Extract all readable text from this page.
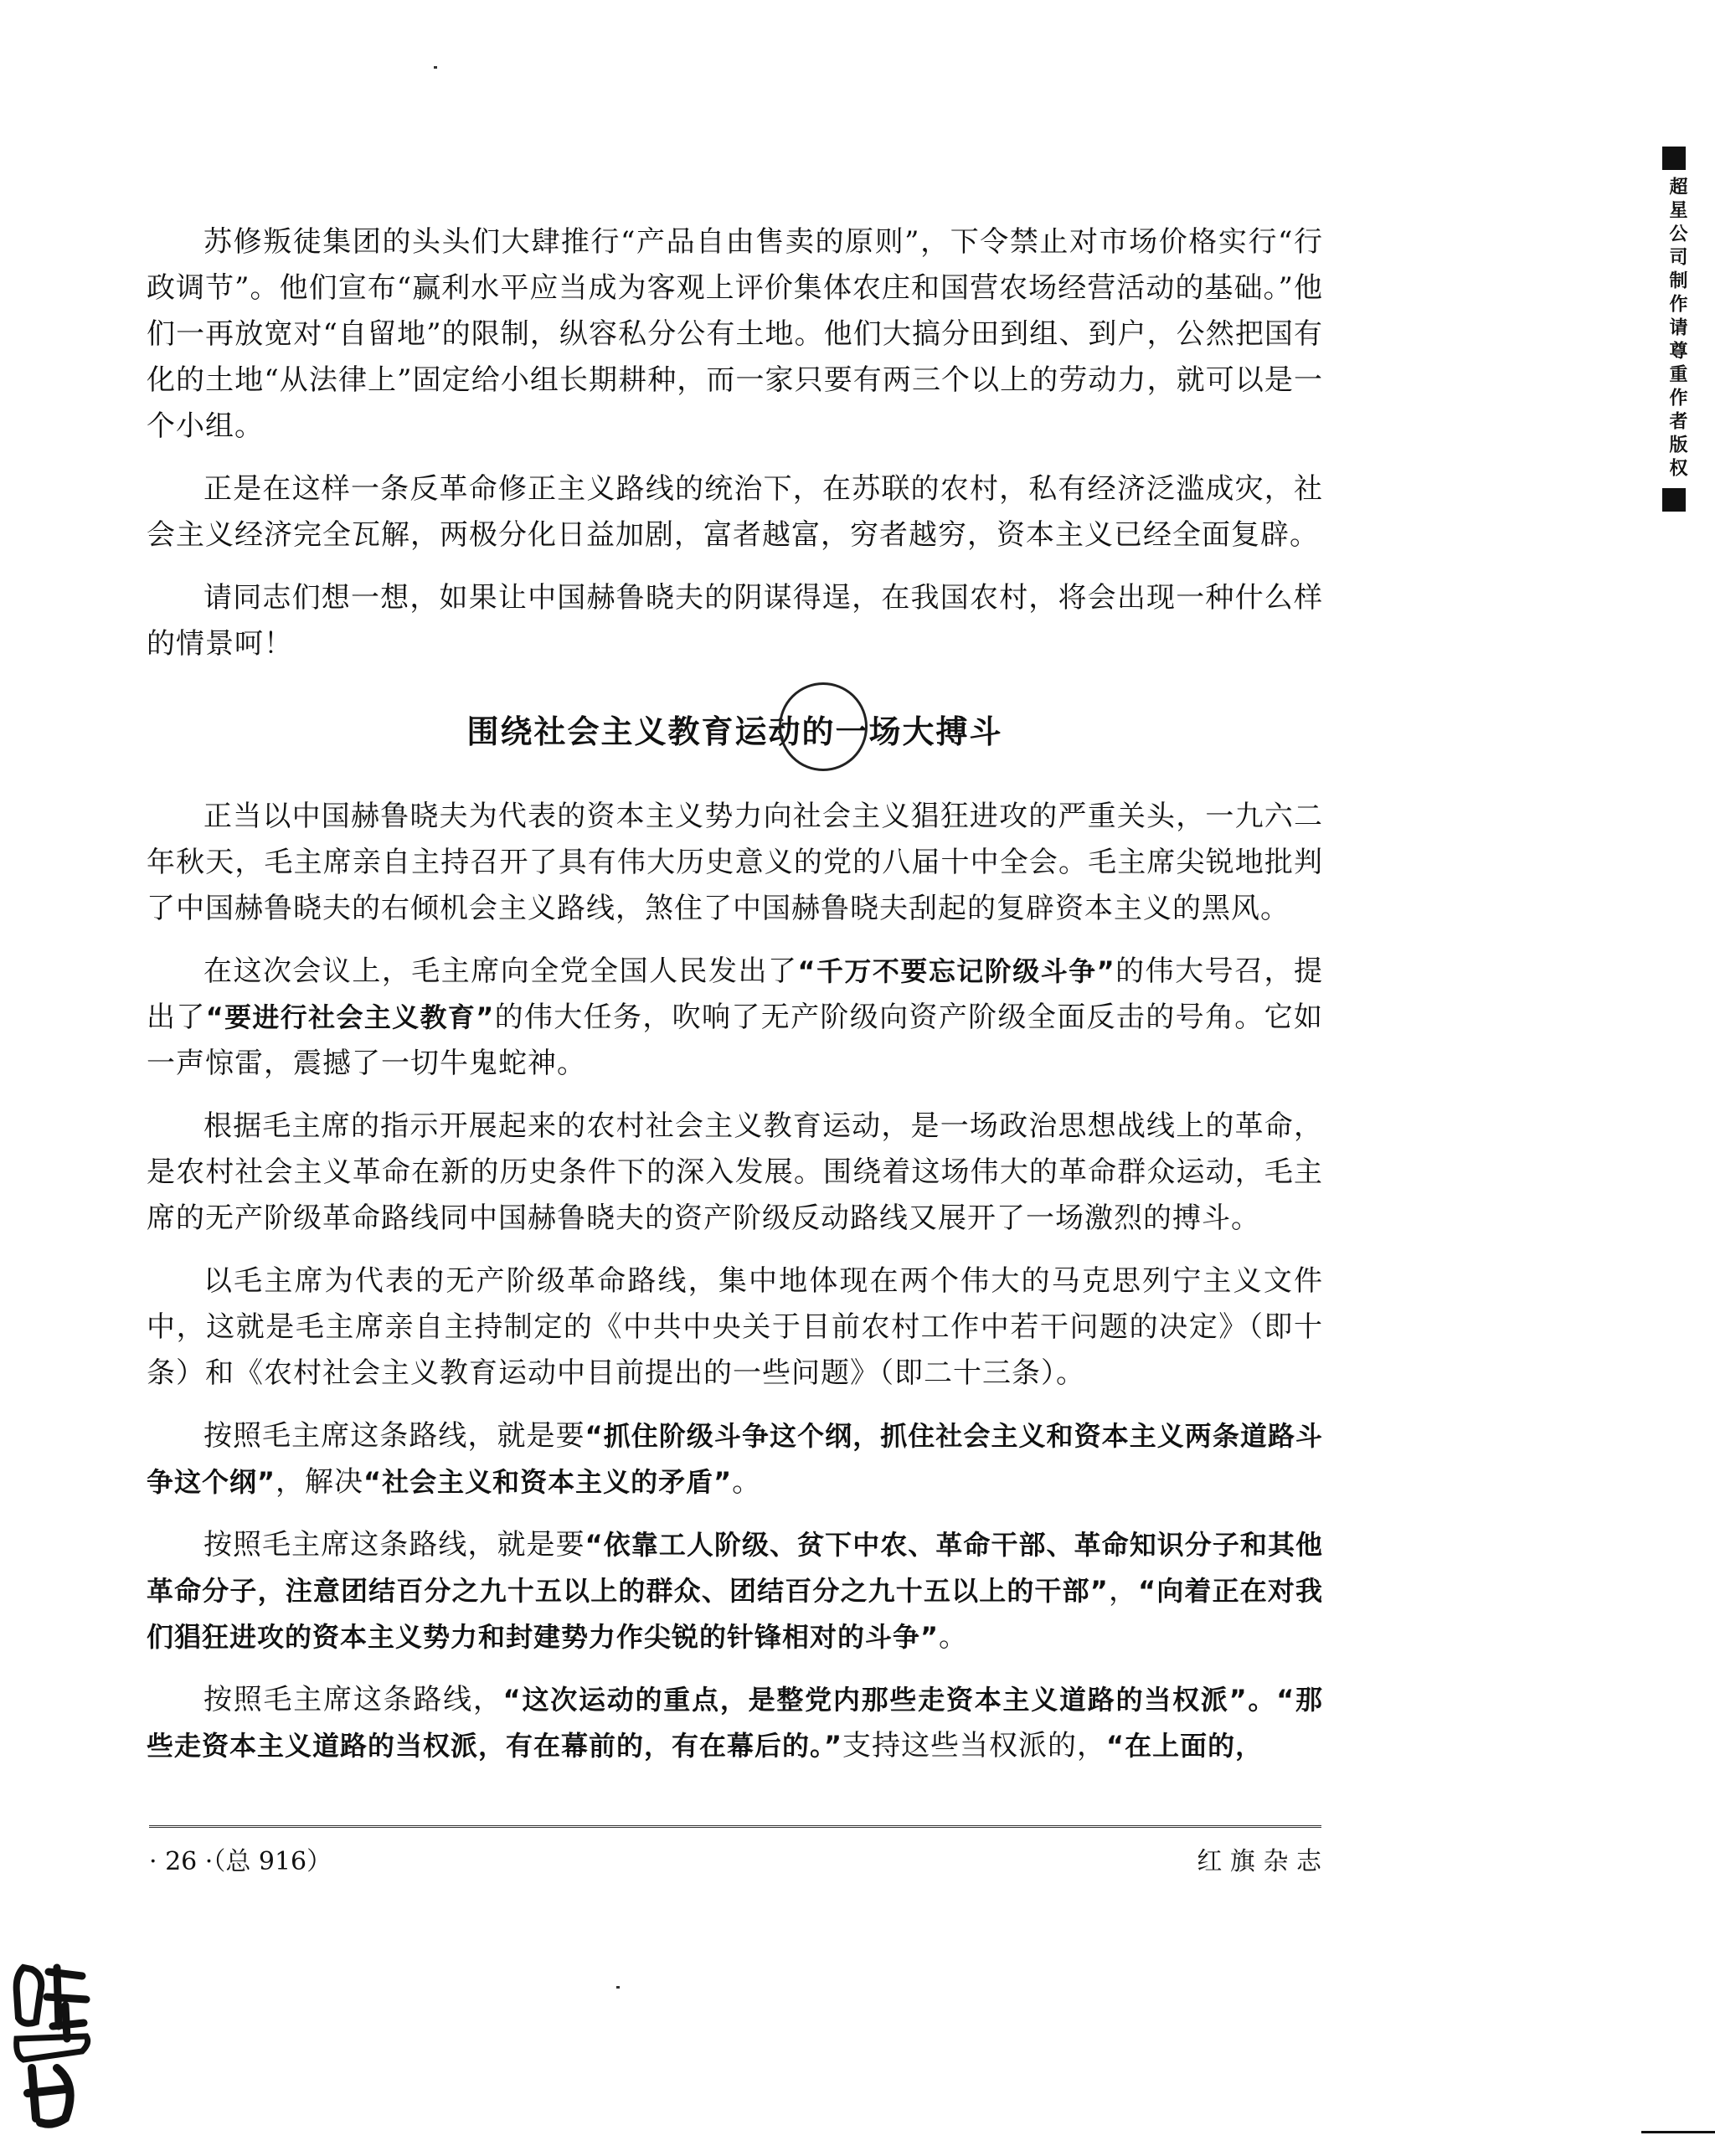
苏修叛徒集团的头头们大肆推行“产品自由售卖的原则”，下令禁止对市场价格实行“行政调节”。他们宣布“赢利水平应当成为客观上评价集体农庄和国营农场经营活动的基础。”他们一再放宽对“自留地”的限制，纵容私分公有土地。他们大搞分田到组、到户，公然把国有化的土地“从法律上”固定给小组长期耕种，而一家只要有两三个以上的劳动力，就可以是一个小组。

正是在这样一条反革命修正主义路线的统治下，在苏联的农村，私有经济泛滥成灾，社会主义经济完全瓦解，两极分化日益加剧，富者越富，穷者越穷，资本主义已经全面复辟。

请同志们想一想，如果让中国赫鲁晓夫的阴谋得逞，在我国农村，将会出现一种什么样的情景呵！

围绕社会主义教育运动的一场大搏斗

正当以中国赫鲁晓夫为代表的资本主义势力向社会主义猖狂进攻的严重关头，一九六二年秋天，毛主席亲自主持召开了具有伟大历史意义的党的八届十中全会。毛主席尖锐地批判了中国赫鲁晓夫的右倾机会主义路线，煞住了中国赫鲁晓夫刮起的复辟资本主义的黑风。

在这次会议上，毛主席向全党全国人民发出了“千万不要忘记阶级斗争”的伟大号召，提出了“要进行社会主义教育”的伟大任务，吹响了无产阶级向资产阶级全面反击的号角。它如一声惊雷，震撼了一切牛鬼蛇神。

根据毛主席的指示开展起来的农村社会主义教育运动，是一场政治思想战线上的革命，是农村社会主义革命在新的历史条件下的深入发展。围绕着这场伟大的革命群众运动，毛主席的无产阶级革命路线同中国赫鲁晓夫的资产阶级反动路线又展开了一场激烈的搏斗。

以毛主席为代表的无产阶级革命路线，集中地体现在两个伟大的马克思列宁主义文件中，这就是毛主席亲自主持制定的《中共中央关于目前农村工作中若干问题的决定》（即十条）和《农村社会主义教育运动中目前提出的一些问题》（即二十三条）。

按照毛主席这条路线，就是要“抓住阶级斗争这个纲，抓住社会主义和资本主义两条道路斗争这个纲”，解决“社会主义和资本主义的矛盾”。

按照毛主席这条路线，就是要“依靠工人阶级、贫下中农、革命干部、革命知识分子和其他革命分子，注意团结百分之九十五以上的群众、团结百分之九十五以上的干部”，“向着正在对我们猖狂进攻的资本主义势力和封建势力作尖锐的针锋相对的斗争”。

按照毛主席这条路线，“这次运动的重点，是整党内那些走资本主义道路的当权派”。“那些走资本主义道路的当权派，有在幕前的，有在幕后的。”支持这些当权派的，“在上面的，

· 26 ·（总 916）	红 旗 杂 志
超星公司制作请尊重作者版权
